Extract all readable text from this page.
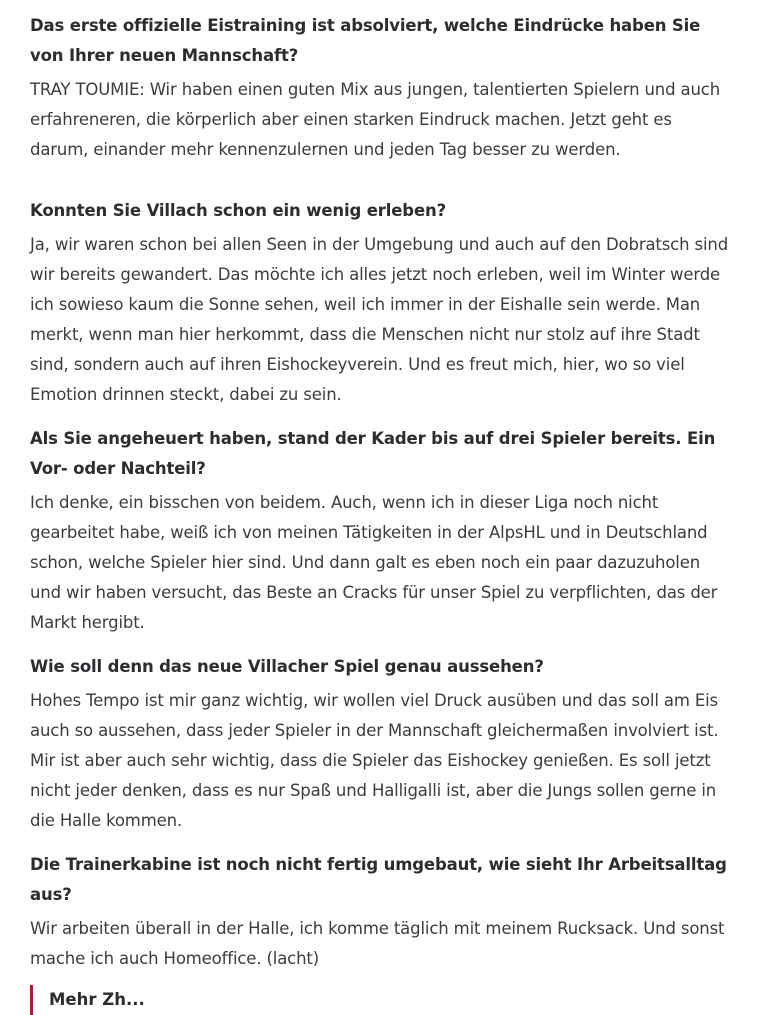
Das erste offizielle Eistraining ist absolviert, welche Eindrücke haben Sie von Ihrer neuen Mannschaft?

TRAY TOUMIE: Wir haben einen guten Mix aus jungen, talentierten Spielern und auch erfahreneren, die körperlich aber einen starken Eindruck machen. Jetzt geht es darum, einander mehr kennenzulernen und jeden Tag besser zu werden.

Konnten Sie Villach schon ein wenig erleben?

Ja, wir waren schon bei allen Seen in der Umgebung und auch auf den Dobratsch sind wir bereits gewandert. Das möchte ich alles jetzt noch erleben, weil im Winter werde ich sowieso kaum die Sonne sehen, weil ich immer in der Eishalle sein werde. Man merkt, wenn man hier herkommt, dass die Menschen nicht nur stolz auf ihre Stadt sind, sondern auch auf ihren Eishockeyverein. Und es freut mich, hier, wo so viel Emotion drinnen steckt, dabei zu sein.

Als Sie angeheuert haben, stand der Kader bis auf drei Spieler bereits. Ein Vor- oder Nachteil?

Ich denke, ein bisschen von beidem. Auch, wenn ich in dieser Liga noch nicht gearbeitet habe, weiß ich von meinen Tätigkeiten in der AlpsHL und in Deutschland schon, welche Spieler hier sind. Und dann galt es eben noch ein paar dazuzuholen und wir haben versucht, das Beste an Cracks für unser Spiel zu verpflichten, das der Markt hergibt.

Wie soll denn das neue Villacher Spiel genau aussehen?

Hohes Tempo ist mir ganz wichtig, wir wollen viel Druck ausüben und das soll am Eis auch so aussehen, dass jeder Spieler in der Mannschaft gleichermaßen involviert ist. Mir ist aber auch sehr wichtig, dass die Spieler das Eishockey genießen. Es soll jetzt nicht jeder denken, dass es nur Spaß und Halligalli ist, aber die Jungs sollen gerne in die Halle kommen.

Die Trainerkabine ist noch nicht fertig umgebaut, wie sieht Ihr Arbeitsalltag aus?

Wir arbeiten überall in der Halle, ich komme täglich mit meinem Rucksack. Und sonst mache ich auch Homeoffice. (lacht)

Mehr Zh...
